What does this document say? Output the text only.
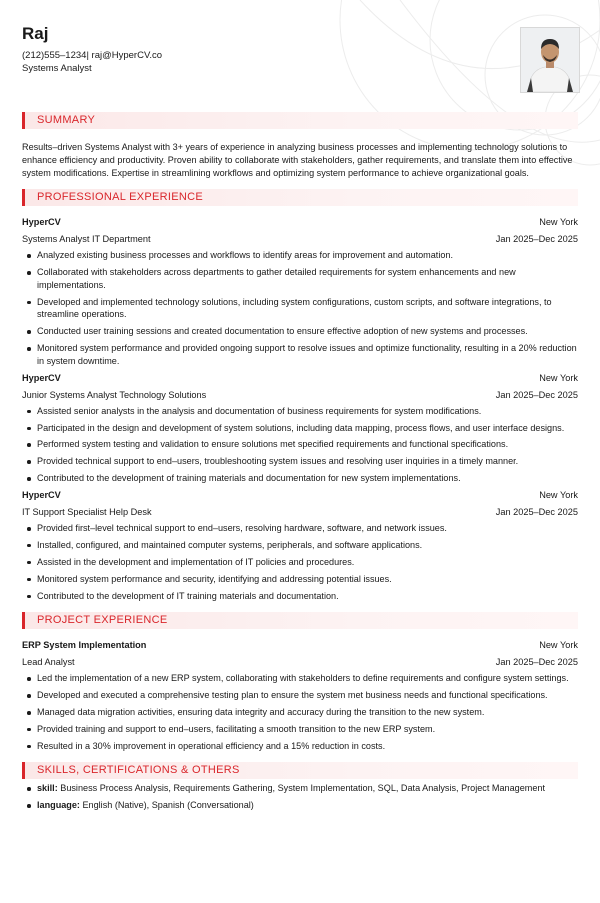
Raj
(212)555–1234| raj@HyperCV.co
Systems Analyst
SUMMARY
Results–driven Systems Analyst with 3+ years of experience in analyzing business processes and implementing technology solutions to enhance efficiency and productivity. Proven ability to collaborate with stakeholders, gather requirements, and translate them into effective system modifications. Expertise in streamlining workflows and optimizing system performance to achieve organizational goals.
PROFESSIONAL EXPERIENCE
HyperCV	New York
Systems Analyst IT Department	Jan 2025–Dec 2025
Analyzed existing business processes and workflows to identify areas for improvement and automation.
Collaborated with stakeholders across departments to gather detailed requirements for system enhancements and new implementations.
Developed and implemented technology solutions, including system configurations, custom scripts, and software integrations, to streamline operations.
Conducted user training sessions and created documentation to ensure effective adoption of new systems and processes.
Monitored system performance and provided ongoing support to resolve issues and optimize functionality, resulting in a 20% reduction in system downtime.
HyperCV	New York
Junior Systems Analyst Technology Solutions	Jan 2025–Dec 2025
Assisted senior analysts in the analysis and documentation of business requirements for system modifications.
Participated in the design and development of system solutions, including data mapping, process flows, and user interface designs.
Performed system testing and validation to ensure solutions met specified requirements and functional specifications.
Provided technical support to end–users, troubleshooting system issues and resolving user inquiries in a timely manner.
Contributed to the development of training materials and documentation for new system implementations.
HyperCV	New York
IT Support Specialist Help Desk	Jan 2025–Dec 2025
Provided first–level technical support to end–users, resolving hardware, software, and network issues.
Installed, configured, and maintained computer systems, peripherals, and software applications.
Assisted in the development and implementation of IT policies and procedures.
Monitored system performance and security, identifying and addressing potential issues.
Contributed to the development of IT training materials and documentation.
PROJECT EXPERIENCE
ERP System Implementation	New York
Lead Analyst	Jan 2025–Dec 2025
Led the implementation of a new ERP system, collaborating with stakeholders to define requirements and configure system settings.
Developed and executed a comprehensive testing plan to ensure the system met business needs and functional specifications.
Managed data migration activities, ensuring data integrity and accuracy during the transition to the new system.
Provided training and support to end–users, facilitating a smooth transition to the new ERP system.
Resulted in a 30% improvement in operational efficiency and a 15% reduction in costs.
SKILLS, CERTIFICATIONS & OTHERS
skill: Business Process Analysis, Requirements Gathering, System Implementation, SQL, Data Analysis, Project Management
language: English (Native), Spanish (Conversational)
